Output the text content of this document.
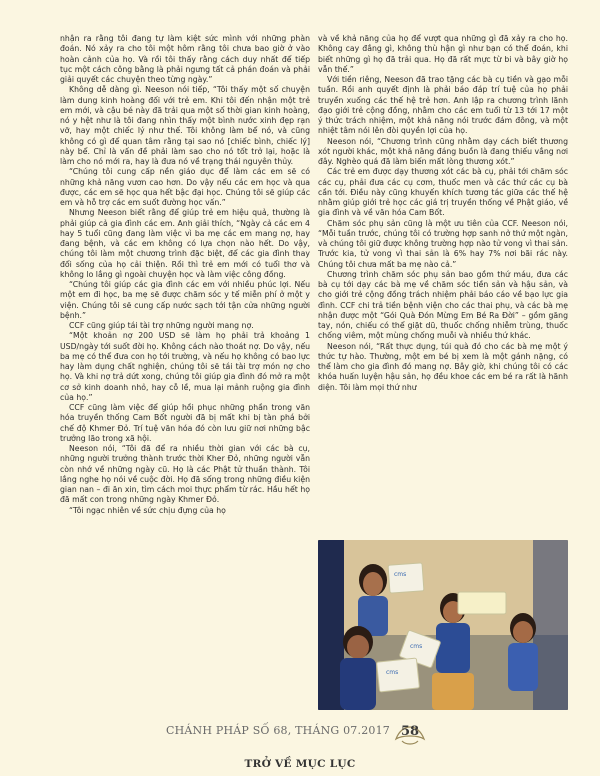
nhận ra rằng tôi đang tự làm kiệt sức mình với những phàn đoán. Nó xảy ra cho tôi một hôm rằng tôi chưa bao giờ ở vào hoàn cảnh của họ. Và rồi tôi thấy rằng cách duy nhất để tiếp tục một cách công bằng là phải ngưng tất cả phán đoán và phải giải quyết các chuyện theo từng ngày.”

Không dễ dàng gì. Neeson nói tiếp, “Tôi thấy một số chuyện làm dung kinh hoàng đối với trẻ em. Khi tôi đến nhận một trẻ em mới, và cậu bé này đã trải qua một số thời gian kinh hoàng, nó y hệt như là tôi đang nhìn thấy một bình nước xinh đẹp rạn vỡ, hay một chiếc lý như thế. Tôi không làm bể nó, và cũng không có gì để quan tâm rằng tại sao nó [chiếc bình, chiếc lý] này bể. Chỉ là vấn đề phải làm sao cho nó tốt trở lại, hoặc là làm cho nó mới ra, hay là đưa nó về trạng thái nguyên thủy.

“Chúng tôi cung cấp nền giáo dục để làm các em sẽ có những khả năng vươn cao hơn. Do vậy nếu các em học và qua được, các em sẽ học qua hết bậc đại học. Chúng tôi sẽ giúp các em và hỗ trợ các em suốt đường học vấn.”

Nhưng Neeson biết rằng để giúp trẻ em hiệu quả, thường là phải giúp cả gia đình các em. Anh giải thích, “Ngày cả các em 4 hay 5 tuổi cũng đang làm việc vì ba mẹ các em mang nợ, hay đang bệnh, và các em không có lựa chọn nào hết. Do vậy, chúng tôi làm một chương trình đặc biệt, để các gia đình thay đổi sống của họ cải thiện. Rồi thì trẻ em mới có tuổi thơ và không lo lắng gì ngoài chuyện học và làm việc công đồng.

“Chúng tôi giúp các gia đình các em với nhiều phúc lợi. Nếu một em đi học, ba mẹ sẽ được chăm sóc y tế miễn phí ở một y viện. Chúng tôi sẽ cung cấp nước sạch tới tận cửa những người bệnh.”

CCF cũng giúp tái tài trợ những người mang nợ.

“Một khoản nợ 200 USD sẽ làm họ phải trả khoảng 1 USD/ngày tới suốt đời họ. Không cách nào thoát nợ. Do vậy, nếu ba mẹ có thể đưa con họ tới trường, và nếu họ không có bao lực hay làm dụng chất nghiện, chúng tôi sẽ tái tài trợ món nợ cho họ. Và khi nợ trả dứt xong, chúng tôi giúp gia đình đó mở ra một cơ sở kinh doanh nhỏ, hay cỗ lề, mua lại mảnh ruộng gia đình của họ.”

CCF cũng làm việc để giúp hồi phục những phần trong văn hóa truyền thống Cam Bốt người đã bị mất khi bị tàn phá bởi chế độ Khmer Đỏ. Trí tuệ văn hóa đó còn lưu giữ nơi những bậc trưởng lão trong xã hội.

Neeson nói, “Tôi đã để ra nhiều thời gian với các bà cụ, những người trưởng thành trước thời Kher Đỏ, những người vẫn còn nhớ về những ngày cũ. Họ là các Phật tử thuần thành. Tôi lắng nghe họ nói về cuộc đời. Họ đã sống trong những điều kiện gian nan – đi ăn xin, tìm cách moi thực phẩm từ rác. Hầu hết họ đã mất con trong những ngày Khmer Đỏ.

“Tôi ngạc nhiên về sức chịu đựng của họ

và về khả năng của họ để vượt qua những gì đã xảy ra cho họ. Không cay đắng gì, không thù hận gì như bạn có thể đoán, khi biết những gì họ đã trải qua. Họ đã rất mực từ bi và bây giờ họ vẫn thế.”

Với tiền riêng, Neeson đã trao tặng các bà cụ tiền và gạo mỗi tuần. Rồi anh quyết định là phải báo đáp trí tuệ của họ phải truyền xuống các thế hệ trẻ hơn. Anh lập ra chương trình lãnh đạo giới trẻ cộng đồng, nhằm cho các em tuổi từ 13 tới 17 một ý thức trách nhiệm, một khả năng nói trước đám đông, và một nhiệt tâm nói lên đòi quyền lợi của họ.

Neeson nói, “Chương trình cũng nhằm dạy cách biết thương xót người khác, một khả năng đáng buồn là đang thiếu vắng nơi đây. Nghèo quá đã làm biến mất lòng thương xót.”

Các trẻ em được dạy thương xót các bà cụ, phải tới chăm sóc các cụ, phải đưa các cụ cơm, thuốc men và các thứ các cụ bà cần tới. Điều này cũng khuyến khích tương tác giữa các thế hệ nhằm giúp giới trẻ học các giá trị truyền thống về Phật giáo, về gia đình và về văn hóa Cam Bốt.

Chăm sóc phụ sản cũng là một ưu tiên của CCF. Neeson nói, “Mỗi tuần trước, chúng tôi có trường hợp sanh nở thứ một ngàn, và chúng tôi giữ được không trường hợp nào tử vong vì thai sản. Trước kia, tử vong vì thai sản là 6% hay 7% nơi bãi rác này. Chúng tôi chưa mất ba mẹ nào cả.”

Chương trình chăm sóc phụ sản bao gồm thứ máu, đưa các bà cụ tới dạy các bà mẹ về chăm sóc tiền sản và hậu sản, và cho giới trẻ cộng đồng trách nhiệm phải báo cáo về bạo lực gia đình. CCF chi trả tiền bệnh viện cho các thai phụ, và các bà mẹ nhận được một “Gói Quà Đón Mừng Em Bé Ra Đời” – gồm găng tay, nón, chiếu có thể giặt dũ, thuốc chống nhiễm trùng, thuốc chống viêm, một mùng chống muỗi và nhiều thứ khác.

Neeson nói, “Rất thực dụng, túi quà đó cho các bà mẹ một ý thức tự hào. Thường, một em bé bị xem là một gánh nặng, có thể làm cho gia đình đó mang nợ. Bây giờ, khi chúng tôi có các khóa huấn luyện hậu sản, họ đều khoe các em bé ra rất là hãnh diện. Tôi làm mọi thứ như

cms
cms
cms
CHÁNH PHÁP SỐ 68, THÁNG 07.2017 58
TRỞ VỀ MỤC LỤC
